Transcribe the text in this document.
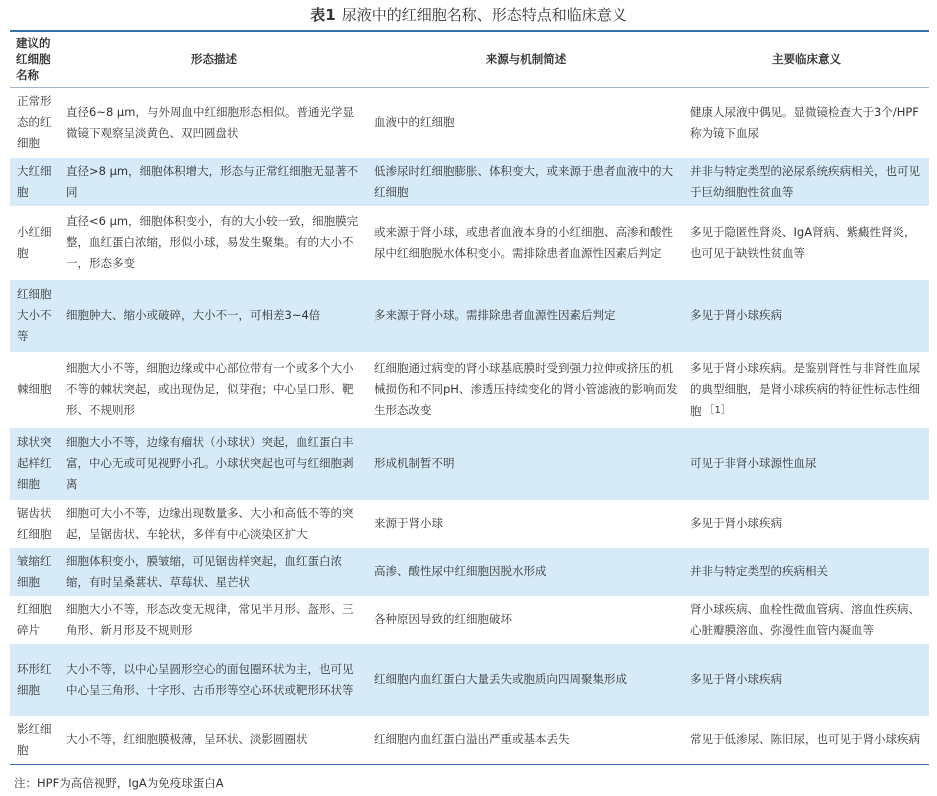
表1 尿液中的红细胞名称、形态特点和临床意义
建议的红细胞名称	形态描述	来源与机制简述	主要临床意义
正常形态的红细胞	直径6~8 μm，与外周血中红细胞形态相似。普通光学显微镜下观察呈淡黄色、双凹圆盘状	血液中的红细胞	健康人尿液中偶见。显微镜检查大于3个/HPF称为镜下血尿
大红细胞	直径>8 μm，细胞体积增大，形态与正常红细胞无显著不同	低渗尿时红细胞膨胀、体积变大，或来源于患者血液中的大红细胞	并非与特定类型的泌尿系统疾病相关，也可见于巨幼细胞性贫血等
小红细胞	直径<6 μm，细胞体积变小，有的大小较一致，细胞膜完整，血红蛋白浓缩，形似小球，易发生聚集。有的大小不一，形态多变	或来源于肾小球，或患者血液本身的小红细胞、高渗和酸性尿中红细胞脱水体积变小。需排除患者血源性因素后判定	多见于隐匿性肾炎、IgA肾病、紫癜性肾炎，也可见于缺铁性贫血等
红细胞大小不等	细胞肿大、缩小或破碎，大小不一，可相差3~4倍	多来源于肾小球。需排除患者血源性因素后判定	多见于肾小球疾病
棘细胞	细胞大小不等，细胞边缘或中心部位带有一个或多个大小不等的棘状突起，或出现伪足，似芽孢；中心呈口形、靶形、不规则形	红细胞通过病变的肾小球基底膜时受到强力拉伸或挤压的机械损伤和不同pH、渗透压持续变化的肾小管滤液的影响而发生形态改变	多见于肾小球疾病。是鉴别肾性与非肾性血尿的典型细胞，是肾小球疾病的特征性标志性细胞 ［1］
球状突起样红细胞	细胞大小不等，边缘有瘤状（小球状）突起，血红蛋白丰富，中心无或可见视野小孔。小球状突起也可与红细胞剥离	形成机制暂不明	可见于非肾小球源性血尿
锯齿状红细胞	细胞可大小不等，边缘出现数量多、大小和高低不等的突起，呈锯齿状、车轮状，多伴有中心淡染区扩大	来源于肾小球	多见于肾小球疾病
皱缩红细胞	细胞体积变小，膜皱缩，可见锯齿样突起，血红蛋白浓缩，有时呈桑葚状、草莓状、星芒状	高渗、酸性尿中红细胞因脱水形成	并非与特定类型的疾病相关
红细胞碎片	细胞大小不等，形态改变无规律，常见半月形、盔形、三角形、新月形及不规则形	各种原因导致的红细胞破坏	肾小球疾病、血栓性微血管病、溶血性疾病、心脏瓣膜溶血、弥漫性血管内凝血等
环形红细胞	大小不等，以中心呈圆形空心的面包圈环状为主，也可见中心呈三角形、十字形、古币形等空心环状或靶形环状等	红细胞内血红蛋白大量丢失或胞质向四周聚集形成	多见于肾小球疾病
影红细胞	大小不等，红细胞膜极薄，呈环状、淡影圆圈状	红细胞内血红蛋白溢出严重或基本丢失	常见于低渗尿、陈旧尿，也可见于肾小球疾病
注：HPF为高倍视野，IgA为免疫球蛋白A
